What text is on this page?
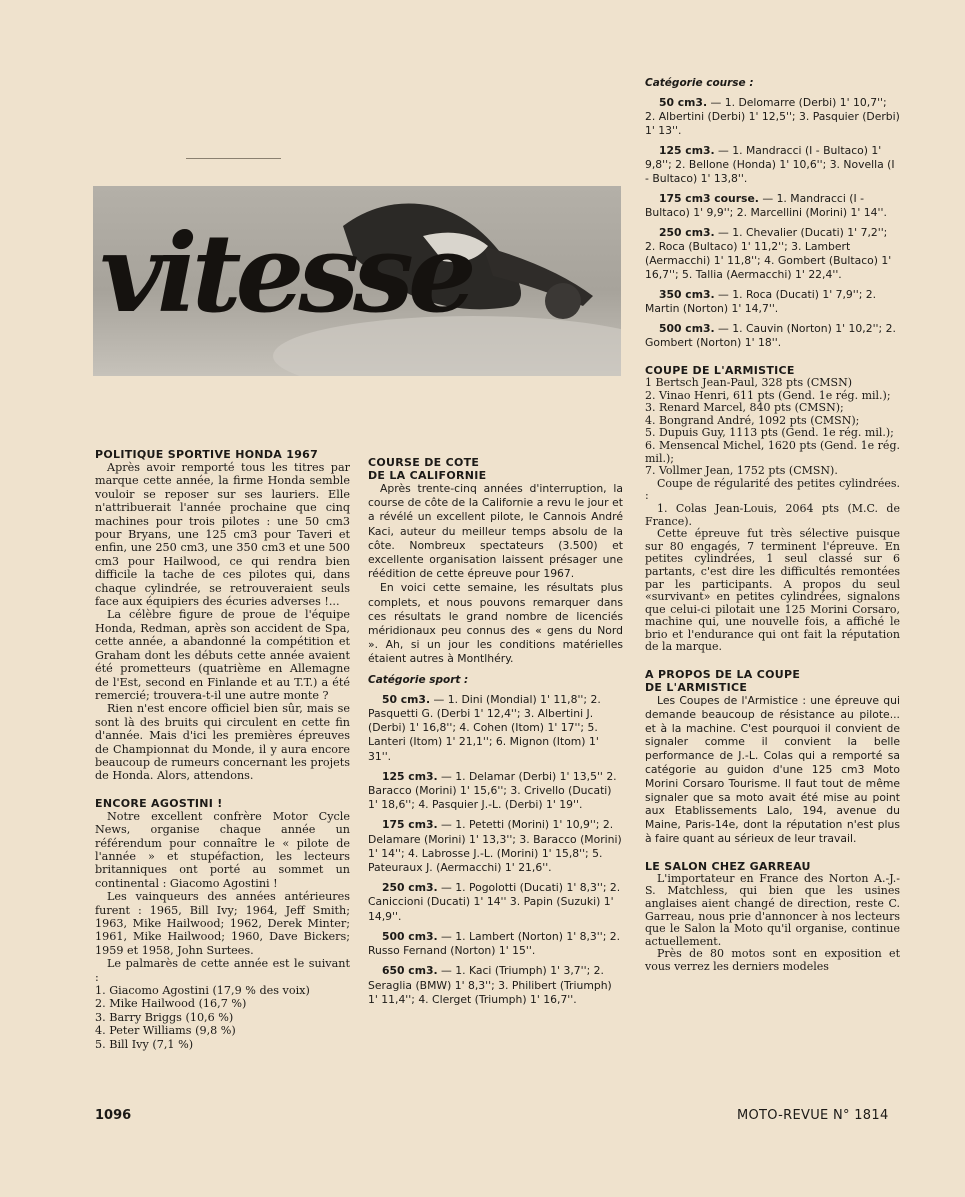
vitesse
POLITIQUE SPORTIVE HONDA 1967

Après avoir remporté tous les titres par marque cette année, la firme Honda semble vouloir se reposer sur ses lauriers. Elle n'attribuerait l'année prochaine que cinq machines pour trois pilotes : une 50 cm3 pour Bryans, une 125 cm3 pour Taveri et enfin, une 250 cm3, une 350 cm3 et une 500 cm3 pour Hailwood, ce qui rendra bien difficile la tache de ces pilotes qui, dans chaque cylindrée, se retrouveraient seuls face aux équipiers des écuries adverses !...

La célèbre figure de proue de l'équipe Honda, Redman, après son accident de Spa, cette année, a abandonné la compétition et Graham dont les débuts cette année avaient été prometteurs (quatrième en Allemagne de l'Est, second en Finlande et au T.T.) a été remercié; trouvera-t-il une autre monte ?

Rien n'est encore officiel bien sûr, mais se sont là des bruits qui circulent en cette fin d'année. Mais d'ici les premières épreuves de Championnat du Monde, il y aura encore beaucoup de rumeurs concernant les projets de Honda. Alors, attendons.

ENCORE AGOSTINI !

Notre excellent confrère Motor Cycle News, organise chaque année un référendum pour connaître le « pilote de l'année » et stupéfaction, les lecteurs britanniques ont porté au sommet un continental : Giacomo Agostini !

Les vainqueurs des années antérieures furent : 1965, Bill Ivy; 1964, Jeff Smith; 1963, Mike Hailwood; 1962, Derek Minter; 1961, Mike Hailwood; 1960, Dave Bickers; 1959 et 1958, John Surtees.

Le palmarès de cette année est le suivant :

1. Giacomo Agostini (17,9 % des voix)
2. Mike Hailwood (16,7 %)
3. Barry Briggs (10,6 %)
4. Peter Williams (9,8 %)
5. Bill Ivy (7,1 %)
COURSE DE COTE
DE LA CALIFORNIE

Après trente-cinq années d'interruption, la course de côte de la Californie a revu le jour et a révélé un excellent pilote, le Cannois André Kaci, auteur du meilleur temps absolu de la côte. Nombreux spectateurs (3.500) et excellente organisation laissent présager une réédition de cette épreuve pour 1967.

En voici cette semaine, les résultats plus complets, et nous pouvons remarquer dans ces résultats le grand nombre de licenciés méridionaux peu connus des « gens du Nord ». Ah, si un jour les conditions matérielles étaient autres à Montlhéry.

Catégorie sport :
50 cm3. — 1. Dini (Mondial) 1' 11,8''; 2. Pasquetti G. (Derbi 1' 12,4''; 3. Albertini J. (Derbi) 1' 16,8''; 4. Cohen (Itom) 1' 17''; 5. Lanteri (Itom) 1' 21,1''; 6. Mignon (Itom) 1' 31''.
125 cm3. — 1. Delamar (Derbi) 1' 13,5'' 2. Baracco (Morini) 1' 15,6''; 3. Crivello (Ducati) 1' 18,6''; 4. Pasquier J.-L. (Derbi) 1' 19''.
175 cm3. — 1. Petetti (Morini) 1' 10,9''; 2. Delamare (Morini) 1' 13,3''; 3. Baracco (Morini) 1' 14''; 4. Labrosse J.-L. (Morini) 1' 15,8''; 5. Pateuraux J. (Aermacchi) 1' 21,6''.
250 cm3. — 1. Pogolotti (Ducati) 1' 8,3''; 2. Caniccioni (Ducati) 1' 14'' 3. Papin (Suzuki) 1' 14,9''.
500 cm3. — 1. Lambert (Norton) 1' 8,3''; 2. Russo Fernand (Norton) 1' 15''.
650 cm3. — 1. Kaci (Triumph) 1' 3,7''; 2. Seraglia (BMW) 1' 8,3''; 3. Philibert (Triumph) 1' 11,4''; 4. Clerget (Triumph) 1' 16,7''.
Catégorie course :
50 cm3. — 1. Delomarre (Derbi) 1' 10,7''; 2. Albertini (Derbi) 1' 12,5''; 3. Pasquier (Derbi) 1' 13''.
125 cm3. — 1. Mandracci (I - Bultaco) 1' 9,8''; 2. Bellone (Honda) 1' 10,6''; 3. Novella (I - Bultaco) 1' 13,8''.
175 cm3 course. — 1. Mandracci (I - Bultaco) 1' 9,9''; 2. Marcellini (Morini) 1' 14''.
250 cm3. — 1. Chevalier (Ducati) 1' 7,2''; 2. Roca (Bultaco) 1' 11,2''; 3. Lambert (Aermacchi) 1' 11,8''; 4. Gombert (Bultaco) 1' 16,7''; 5. Tallia (Aermacchi) 1' 22,4''.
350 cm3. — 1. Roca (Ducati) 1' 7,9''; 2. Martin (Norton) 1' 14,7''.
500 cm3. — 1. Cauvin (Norton) 1' 10,2''; 2. Gombert (Norton) 1' 18''.
COUPE DE L'ARMISTICE
1 Bertsch Jean-Paul, 328 pts (CMSN)
2. Vinao Henri, 611 pts (Gend. 1e rég. mil.);
3. Renard Marcel, 840 pts (CMSN);
4. Bongrand André, 1092 pts (CMSN);
5. Dupuis Guy, 1113 pts (Gend. 1e rég. mil.);
6. Mensencal Michel, 1620 pts (Gend. 1e rég. mil.);
7. Vollmer Jean, 1752 pts (CMSN).

Coupe de régularité des petites cylindrées. :

1. Colas Jean-Louis, 2064 pts (M.C. de France).

Cette épreuve fut très sélective puisque sur 80 engagés, 7 terminent l'épreuve. En petites cylindrées, 1 seul classé sur 6 partants, c'est dire les difficultés remontées par les participants. A propos du seul «survivant» en petites cylindrées, signalons que celui-ci pilotait une 125 Morini Corsaro, machine qui, une nouvelle fois, a affiché le brio et l'endurance qui ont fait la réputation de la marque.

A PROPOS DE LA COUPE
DE L'ARMISTICE

Les Coupes de l'Armistice : une épreuve qui demande beaucoup de résistance au pilote... et à la machine. C'est pourquoi il convient de signaler comme il convient la belle performance de J.-L. Colas qui a remporté sa catégorie au guidon d'une 125 cm3 Moto Morini Corsaro Tourisme. Il faut tout de même signaler que sa moto avait été mise au point aux Etablissements Lalo, 194, avenue du Maine, Paris-14e, dont la réputation n'est plus à faire quant au sérieux de leur travail.

LE SALON CHEZ GARREAU

L'importateur en France des Norton A.-J.-S. Matchless, qui bien que les usines anglaises aient changé de direction, reste C. Garreau, nous prie d'annoncer à nos lecteurs que le Salon la Moto qu'il organise, continue actuellement.

Près de 80 motos sont en exposition et vous verrez les derniers modeles

1096	MOTO-REVUE N° 1814
